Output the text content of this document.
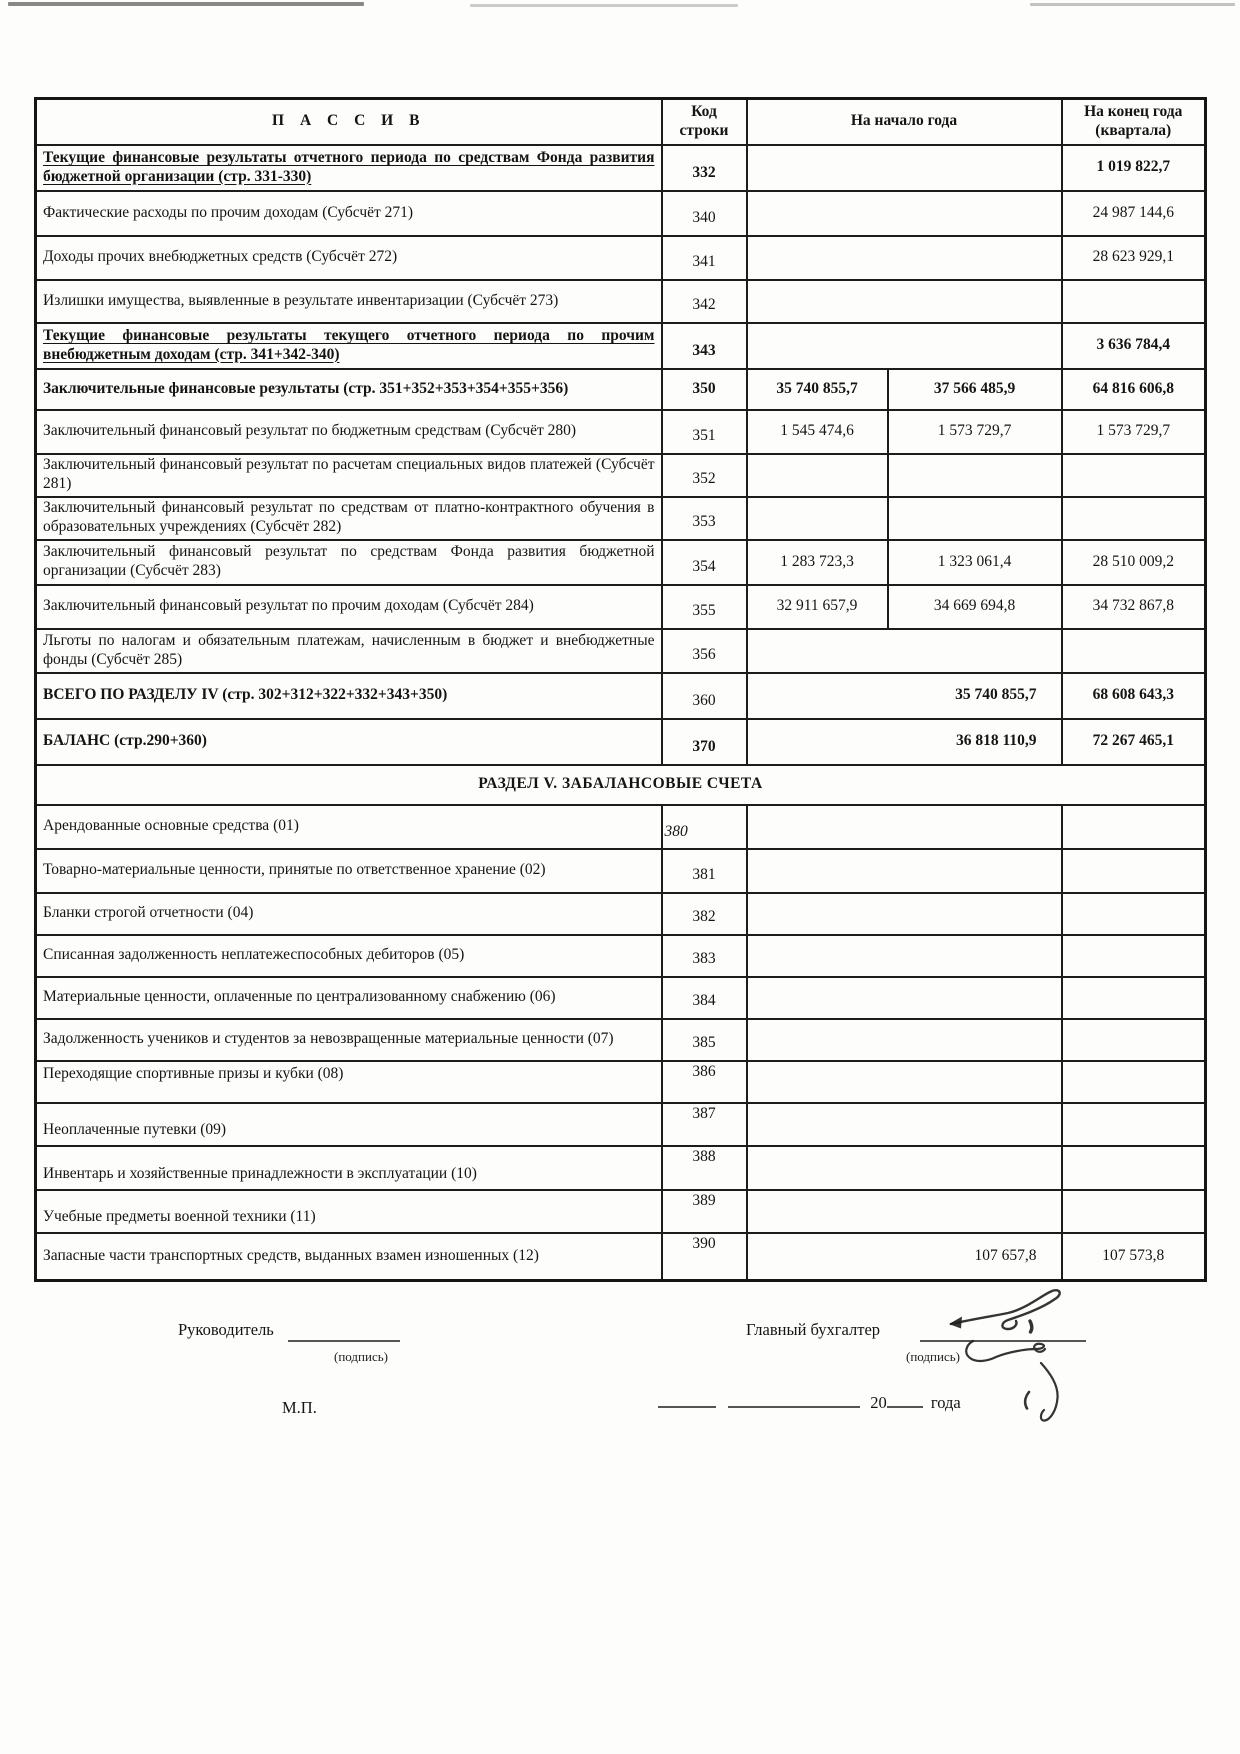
П А С С И В	
Код
строки
	На начало года	
На конец года
(квартала)

Текущие финансовые результаты отчетного периода по средствам Фонда развития бюджетной организации (стр. 331-330)	332			1 019 822,7
Фактические расходы по прочим доходам (Субсчёт 271)	340			24 987 144,6
Доходы прочих внебюджетных средств (Субсчёт 272)	341			28 623 929,1
Излишки имущества, выявленные в результате инвентаризации (Субсчёт 273)	342			
Текущие финансовые результаты текущего отчетного периода по прочим внебюджетным доходам (стр. 341+342-340)	343			3 636 784,4
Заключительные финансовые результаты (стр. 351+352+353+354+355+356)	350	35 740 855,7	37 566 485,9	64 816 606,8
Заключительный финансовый результат по бюджетным средствам (Субсчёт 280)	351	1 545 474,6	1 573 729,7	1 573 729,7
Заключительный финансовый результат по расчетам специальных видов платежей (Субсчёт 281)	352			
Заключительный финансовый результат по средствам от платно-контрактного обучения в образовательных учреждениях (Субсчёт 282)	353			
Заключительный финансовый результат по средствам Фонда развития бюджетной организации (Субсчёт 283)	354	1 283 723,3	1 323 061,4	28 510 009,2
Заключительный финансовый результат по прочим доходам (Субсчёт 284)	355	32 911 657,9	34 669 694,8	34 732 867,8
Льготы по налогам и обязательным платежам, начисленным в бюджет и внебюджетные фонды (Субсчёт 285)	356			
ВСЕГО ПО РАЗДЕЛУ IV (стр. 302+312+322+332+343+350)	360	35 740 855,7		68 608 643,3
БАЛАНС (стр.290+360)	370	36 818 110,9		72 267 465,1
РАЗДЕЛ V. ЗАБАЛАНСОВЫЕ СЧЕТА				
Арендованные основные средства (01)	380			
Товарно-материальные ценности, принятые по ответственное хранение (02)	381			
Бланки строгой отчетности (04)	382			
Списанная задолженность неплатежеспособных дебиторов (05)	383			
Материальные ценности, оплаченные по централизованному снабжению (06)	384			
Задолженность учеников и студентов за невозвращенные материальные ценности (07)	385			
Переходящие спортивные призы и кубки (08)	386			
Неоплаченные путевки (09)	387			
Инвентарь и хозяйственные принадлежности в эксплуатации (10)	388			
Учебные предметы военной техники (11)	389			
Запасные части транспортных средств, выданных взамен изношенных (12)	390	107 657,8		107 573,8
Руководитель
(подпись)
Главный бухгалтер
(подпись)
М.П.	20	года
